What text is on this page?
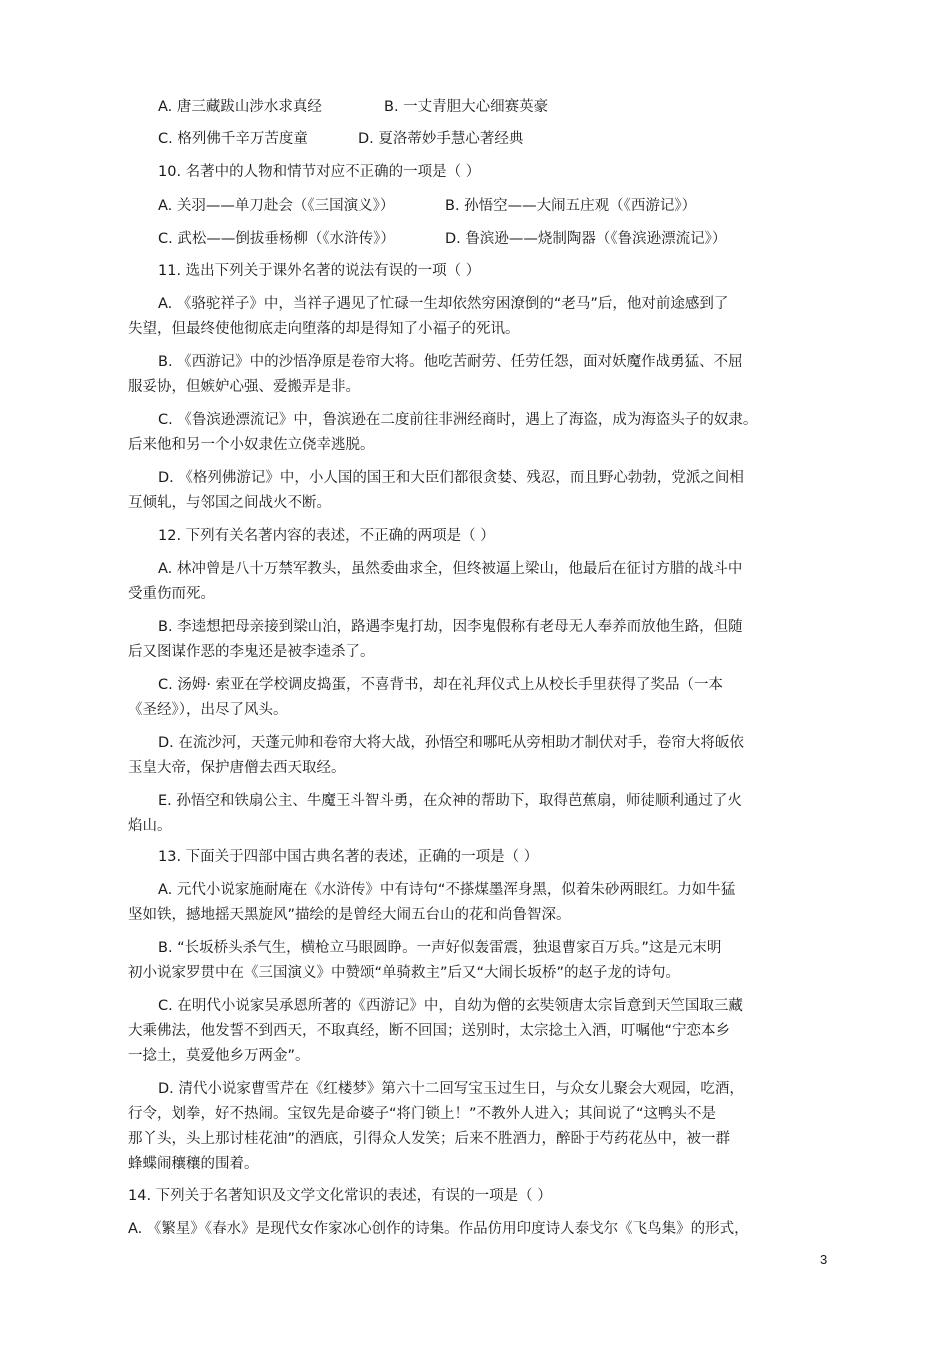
A. 唐三藏跋山涉水求真经	B. 一丈青胆大心细赛英豪
C. 格列佛千辛万苦度童	D. 夏洛蒂妙手慧心著经典
10. 名著中的人物和情节对应不正确的一项是（ ）
A. 关羽——单刀赴会（《三国演义》）	B. 孙悟空——大闹五庄观（《西游记》）
C. 武松——倒拔垂杨柳（《水浒传》）	D. 鲁滨逊——烧制陶器（《鲁滨逊漂流记》）
11. 选出下列关于课外名著的说法有误的一项（ ）
A. 《骆驼祥子》中，当祥子遇见了忙碌一生却依然穷困潦倒的“老马”后，他对前途感到了
失望，但最终使他彻底走向堕落的却是得知了小福子的死讯。
B. 《西游记》中的沙悟净原是卷帘大将。他吃苦耐劳、任劳任怨，面对妖魔作战勇猛、不屈
服妥协，但嫉妒心强、爱搬弄是非。
C. 《鲁滨逊漂流记》中，鲁滨逊在二度前往非洲经商时，遇上了海盗，成为海盗头子的奴隶。
后来他和另一个小奴隶佐立侥幸逃脱。
D. 《格列佛游记》中，小人国的国王和大臣们都很贪婪、残忍，而且野心勃勃，党派之间相
互倾轧，与邻国之间战火不断。
12. 下列有关名著内容的表述，不正确的两项是（ ）
A. 林冲曾是八十万禁军教头，虽然委曲求全，但终被逼上梁山，他最后在征讨方腊的战斗中
受重伤而死。
B. 李逵想把母亲接到梁山泊，路遇李鬼打劫，因李鬼假称有老母无人奉养而放他生路，但随
后又图谋作恶的李鬼还是被李逵杀了。
C. 汤姆· 索亚在学校调皮捣蛋，不喜背书，却在礼拜仪式上从校长手里获得了奖品（一本
《圣经》），出尽了风头。
D. 在流沙河，天蓬元帅和卷帘大将大战，孙悟空和哪吒从旁相助才制伏对手，卷帘大将皈依
玉皇大帝，保护唐僧去西天取经。
E. 孙悟空和铁扇公主、牛魔王斗智斗勇，在众神的帮助下，取得芭蕉扇，师徒顺利通过了火
焰山。
13. 下面关于四部中国古典名著的表述，正确的一项是（ ）
A. 元代小说家施耐庵在《水浒传》中有诗句“不搽煤墨浑身黑，似着朱砂两眼红。力如牛猛
坚如铁，撼地摇天黑旋风”描绘的是曾经大闹五台山的花和尚鲁智深。
B. “长坂桥头杀气生，横枪立马眼圆睁。一声好似轰雷震，独退曹家百万兵。”这是元末明
初小说家罗贯中在《三国演义》中赞颂“单骑救主”后又“大闹长坂桥”的赵子龙的诗句。
C. 在明代小说家吴承恩所著的《西游记》中，自幼为僧的玄奘领唐太宗旨意到天竺国取三藏
大乘佛法，他发誓不到西天，不取真经，断不回国；送别时，太宗捻土入酒，叮嘱他“宁恋本乡
一捻土，莫爱他乡万两金”。
D. 清代小说家曹雪芹在《红楼梦》第六十二回写宝玉过生日，与众女儿聚会大观园，吃酒，
行令，划拳，好不热闹。宝钗先是命婆子“将门锁上！”不教外人进入；其间说了“这鸭头不是
那丫头，头上那讨桂花油”的酒底，引得众人发笑；后来不胜酒力，醉卧于芍药花丛中，被一群
蜂蝶闹穰穰的围着。
14. 下列关于名著知识及文学文化常识的表述，有误的一项是（ ）
A. 《繁星》《春水》是现代女作家冰心创作的诗集。作品仿用印度诗人泰戈尔《飞鸟集》的形式，
3
